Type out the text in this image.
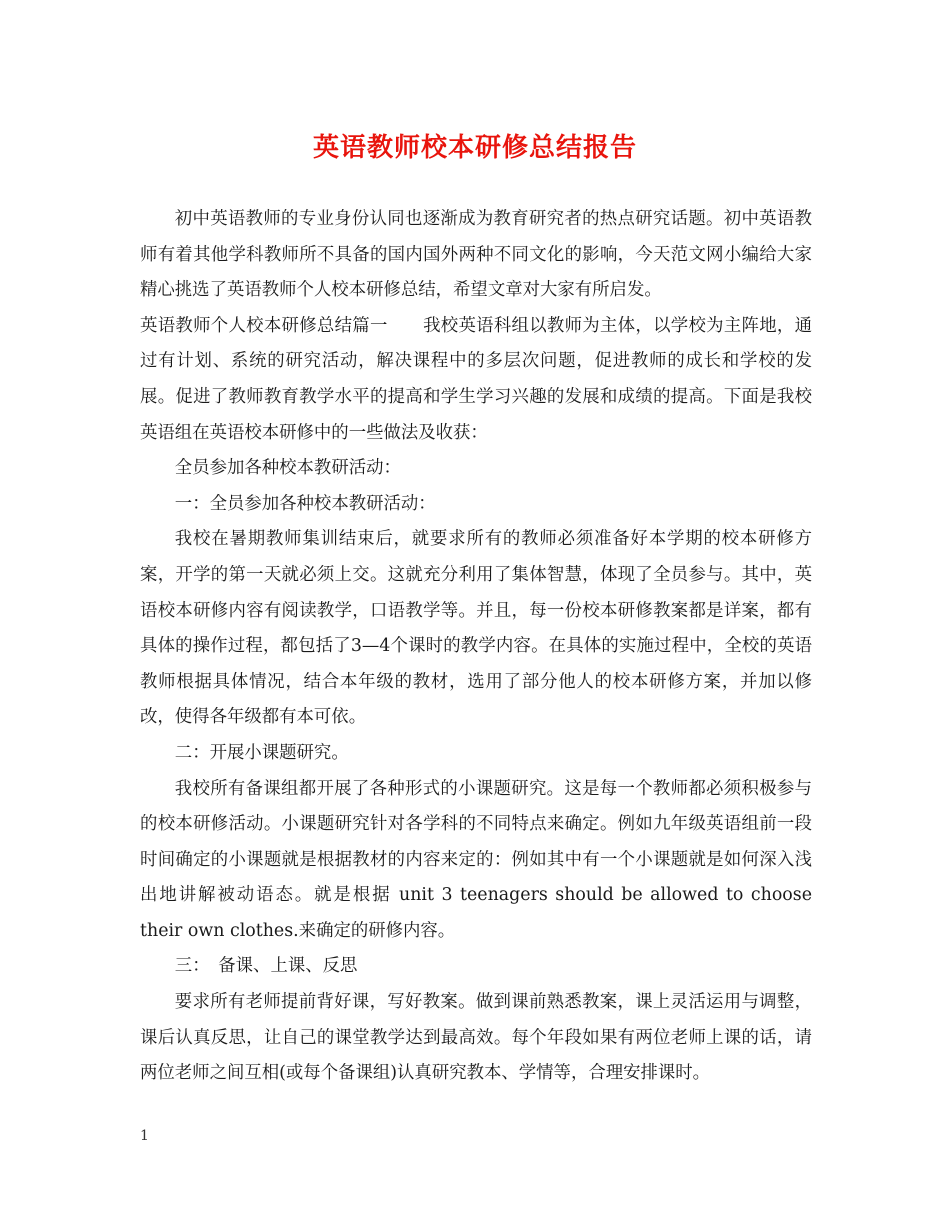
英语教师校本研修总结报告

初中英语教师的专业身份认同也逐渐成为教育研究者的热点研究话题。初中英语教师有着其他学科教师所不具备的国内国外两种不同文化的影响，今天范文网小编给大家精心挑选了英语教师个人校本研修总结，希望文章对大家有所启发。

英语教师个人校本研修总结篇一　　我校英语科组以教师为主体，以学校为主阵地，通过有计划、系统的研究活动，解决课程中的多层次问题，促进教师的成长和学校的发展。促进了教师教育教学水平的提高和学生学习兴趣的发展和成绩的提高。下面是我校英语组在英语校本研修中的一些做法及收获：

全员参加各种校本教研活动：

一：全员参加各种校本教研活动：

我校在暑期教师集训结束后，就要求所有的教师必须准备好本学期的校本研修方案，开学的第一天就必须上交。这就充分利用了集体智慧，体现了全员参与。其中，英语校本研修内容有阅读教学，口语教学等。并且，每一份校本研修教案都是详案，都有具体的操作过程，都包括了3—4个课时的教学内容。在具体的实施过程中，全校的英语教师根据具体情况，结合本年级的教材，选用了部分他人的校本研修方案，并加以修改，使得各年级都有本可依。

二：开展小课题研究。

我校所有备课组都开展了各种形式的小课题研究。这是每一个教师都必须积极参与的校本研修活动。小课题研究针对各学科的不同特点来确定。例如九年级英语组前一段时间确定的小课题就是根据教材的内容来定的：例如其中有一个小课题就是如何深入浅出地讲解被动语态。就是根据 unit 3 teenagers should be allowed to choose their own clothes.来确定的研修内容。

三：　备课、上课、反思

要求所有老师提前背好课，写好教案。做到课前熟悉教案，课上灵活运用与调整，课后认真反思，让自己的课堂教学达到最高效。每个年段如果有两位老师上课的话，请两位老师之间互相(或每个备课组)认真研究教本、学情等，合理安排课时。

1
